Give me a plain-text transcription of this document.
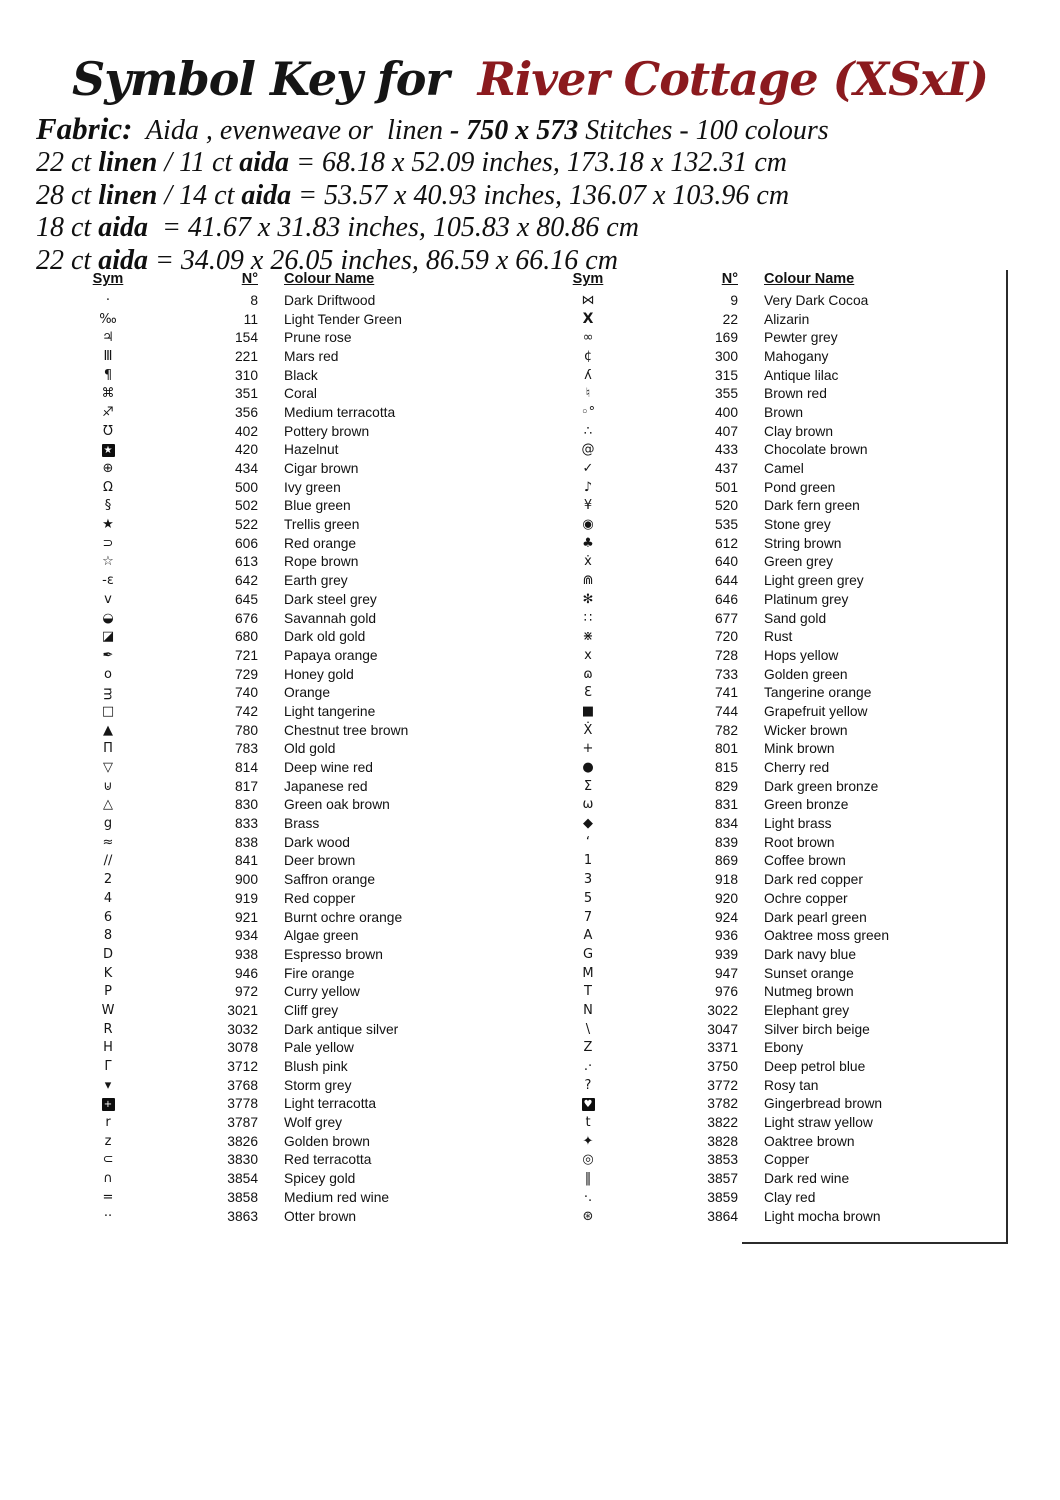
Symbol Key for River Cottage (XSxI)
Fabric:  Aida , evenweave or  linen - 750 x 573 Stitches - 100 colours
22 ct linen / 11 ct aida = 68.18 x 52.09 inches, 173.18 x 132.31 cm
28 ct linen / 14 ct aida = 53.57 x 40.93 inches, 136.07 x 103.96 cm
18 ct aida  = 41.67 x 31.83 inches, 105.83 x 80.86 cm
22 ct aida = 34.09 x 26.05 inches, 86.59 x 66.16 cm
Sym	N° Colour Name
·	8 Dark Driftwood
‰	11 Light Tender Green
♃	154 Prune rose
Ⅲ	221 Mars red
¶	310 Black
⌘	351 Coral
♐	356 Medium terracotta
Ʊ	402 Pottery brown
★	420 Hazelnut
⊕	434 Cigar brown
Ω	500 Ivy green
§	502 Blue green
★	522 Trellis green
⊃	606 Red orange
☆	613 Rope brown
-ε	642 Earth grey
ᴠ	645 Dark steel grey
◒	676 Savannah gold
◪	680 Dark old gold
✒	721 Papaya orange
o	729 Honey gold
ᴟ	740 Orange
□	742 Light tangerine
▲	780 Chestnut tree brown
Π	783 Old gold
▽	814 Deep wine red
⊍	817 Japanese red
△	830 Green oak brown
g	833 Brass
≈	838 Dark wood
∕∕	841 Deer brown
2	900 Saffron orange
4	919 Red copper
6	921 Burnt ochre orange
8	934 Algae green
D	938 Espresso brown
K	946 Fire orange
P	972 Curry yellow
W	3021 Cliff grey
R	3032 Dark antique silver
H	3078 Pale yellow
Γ	3712 Blush pink
▾	3768 Storm grey
+	3778 Light terracotta
r	3787 Wolf grey
z	3826 Golden brown
⊂	3830 Red terracotta
∩	3854 Spicey gold
=	3858 Medium red wine
··	3863 Otter brown
Sym	N° Colour Name
⋈	9 Very Dark Cocoa
X	22 Alizarin
∞	169 Pewter grey
¢	300 Mahogany
ʎ	315 Antique lilac
♮	355 Brown red
◦°	400 Brown
∴	407 Clay brown
@	433 Chocolate brown
✓	437 Camel
♪	501 Pond green
¥	520 Dark fern green
◉	535 Stone grey
♣	612 String brown
ẋ	640 Green grey
⋒	644 Light green grey
✻	646 Platinum grey
∷	677 Sand gold
⋇	720 Rust
x	728 Hops yellow
ɷ	733 Golden green
Ɛ	741 Tangerine orange
■	744 Grapefruit yellow
Ẋ	782 Wicker brown
+	801 Mink brown
●	815 Cherry red
Σ	829 Dark green bronze
ω	831 Green bronze
◆	834 Light brass
‘	839 Root brown
1	869 Coffee brown
3	918 Dark red copper
5	920 Ochre copper
7	924 Dark pearl green
A	936 Oaktree moss green
G	939 Dark navy blue
M	947 Sunset orange
T	976 Nutmeg brown
N	3022 Elephant grey
\	3047 Silver birch beige
Z	3371 Ebony
.·	3750 Deep petrol blue
?	3772 Rosy tan
♥	3782 Gingerbread brown
t	3822 Light straw yellow
✦	3828 Oaktree brown
◎	3853 Copper
‖	3857 Dark red wine
·.	3859 Clay red
⊛	3864 Light mocha brown
